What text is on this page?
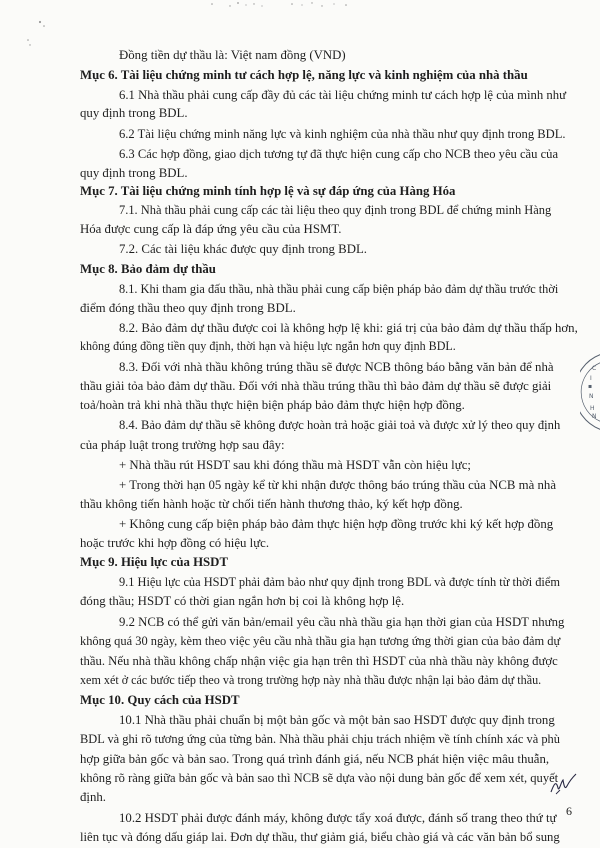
Đồng tiền dự thầu là: Việt nam đồng (VND)
Mục 6. Tài liệu chứng minh tư cách hợp lệ, năng lực và kinh nghiệm của nhà thầu
6.1 Nhà thầu phải cung cấp đầy đủ các tài liệu chứng minh tư cách hợp lệ của mình như
quy định trong BDL.
6.2 Tài liệu chứng minh năng lực và kinh nghiệm của nhà thầu như quy định trong BDL.
6.3 Các hợp đồng, giao dịch tương tự đã thực hiện cung cấp cho NCB theo yêu cầu của
quy định trong BDL.
Mục 7. Tài liệu chứng minh tính hợp lệ và sự đáp ứng của Hàng Hóa
7.1. Nhà thầu phải cung cấp các tài liệu theo quy định trong BDL để chứng minh Hàng
Hóa được cung cấp là đáp ứng yêu cầu của HSMT.
7.2. Các tài liệu khác được quy định trong BDL.
Mục 8. Bảo đảm dự thầu
8.1. Khi tham gia đấu thầu, nhà thầu phải cung cấp biện pháp bảo đảm dự thầu trước thời
điểm đóng thầu theo quy định trong BDL.
8.2. Bảo đảm dự thầu được coi là không hợp lệ khi: giá trị của bảo đảm dự thầu thấp hơn,
không đúng đồng tiền quy định, thời hạn và hiệu lực ngắn hơn quy định BDL.
8.3. Đối với nhà thầu không trúng thầu sẽ được NCB thông báo bằng văn bản để nhà
thầu giải tỏa bảo đảm dự thầu. Đối với nhà thầu trúng thầu thì bảo đảm dự thầu sẽ được giải
toả/hoàn trả khi nhà thầu thực hiện biện pháp bảo đảm thực hiện hợp đồng.
8.4. Bảo đảm dự thầu sẽ không được hoàn trả hoặc giải toả và được xử lý theo quy định
của pháp luật trong trường hợp sau đây:
+ Nhà thầu rút HSDT sau khi đóng thầu mà HSDT vẫn còn hiệu lực;
+ Trong thời hạn 05 ngày kể từ khi nhận được thông báo trúng thầu của NCB mà nhà
thầu không tiến hành hoặc từ chối tiến hành thương thảo, ký kết hợp đồng.
+ Không cung cấp biện pháp bảo đảm thực hiện hợp đồng trước khi ký kết hợp đồng
hoặc trước khi hợp đồng có hiệu lực.
Mục 9. Hiệu lực của HSDT
9.1 Hiệu lực của HSDT phải đảm bảo như quy định trong BDL và được tính từ thời điểm
đóng thầu; HSDT có thời gian ngắn hơn bị coi là không hợp lệ.
9.2 NCB có thể gửi văn bản/email yêu cầu nhà thầu gia hạn thời gian của HSDT nhưng
không quá 30 ngày, kèm theo việc yêu cầu nhà thầu gia hạn tương ứng thời gian của bảo đảm dự
thầu. Nếu nhà thầu không chấp nhận việc gia hạn trên thì HSDT của nhà thầu này không được
xem xét ở các bước tiếp theo và trong trường hợp này nhà thầu được nhận lại bảo đảm dự thầu.
Mục 10. Quy cách của HSDT
10.1 Nhà thầu phải chuẩn bị một bản gốc và một bản sao HSDT được quy định trong
BDL và ghi rõ tương ứng của từng bản. Nhà thầu phải chịu trách nhiệm về tính chính xác và phù
hợp giữa bản gốc và bản sao. Trong quá trình đánh giá, nếu NCB phát hiện việc mâu thuẫn,
không rõ ràng giữa bản gốc và bản sao thì NCB sẽ dựa vào nội dung bản gốc để xem xét, quyết
định.
10.2 HSDT phải được đánh máy, không được tẩy xoá được, đánh số trang theo thứ tự
liên tục và đóng dấu giáp lai. Đơn dự thầu, thư giảm giá, biểu chào giá và các văn bản bổ sung
C
I
▪
N
H
N
6
